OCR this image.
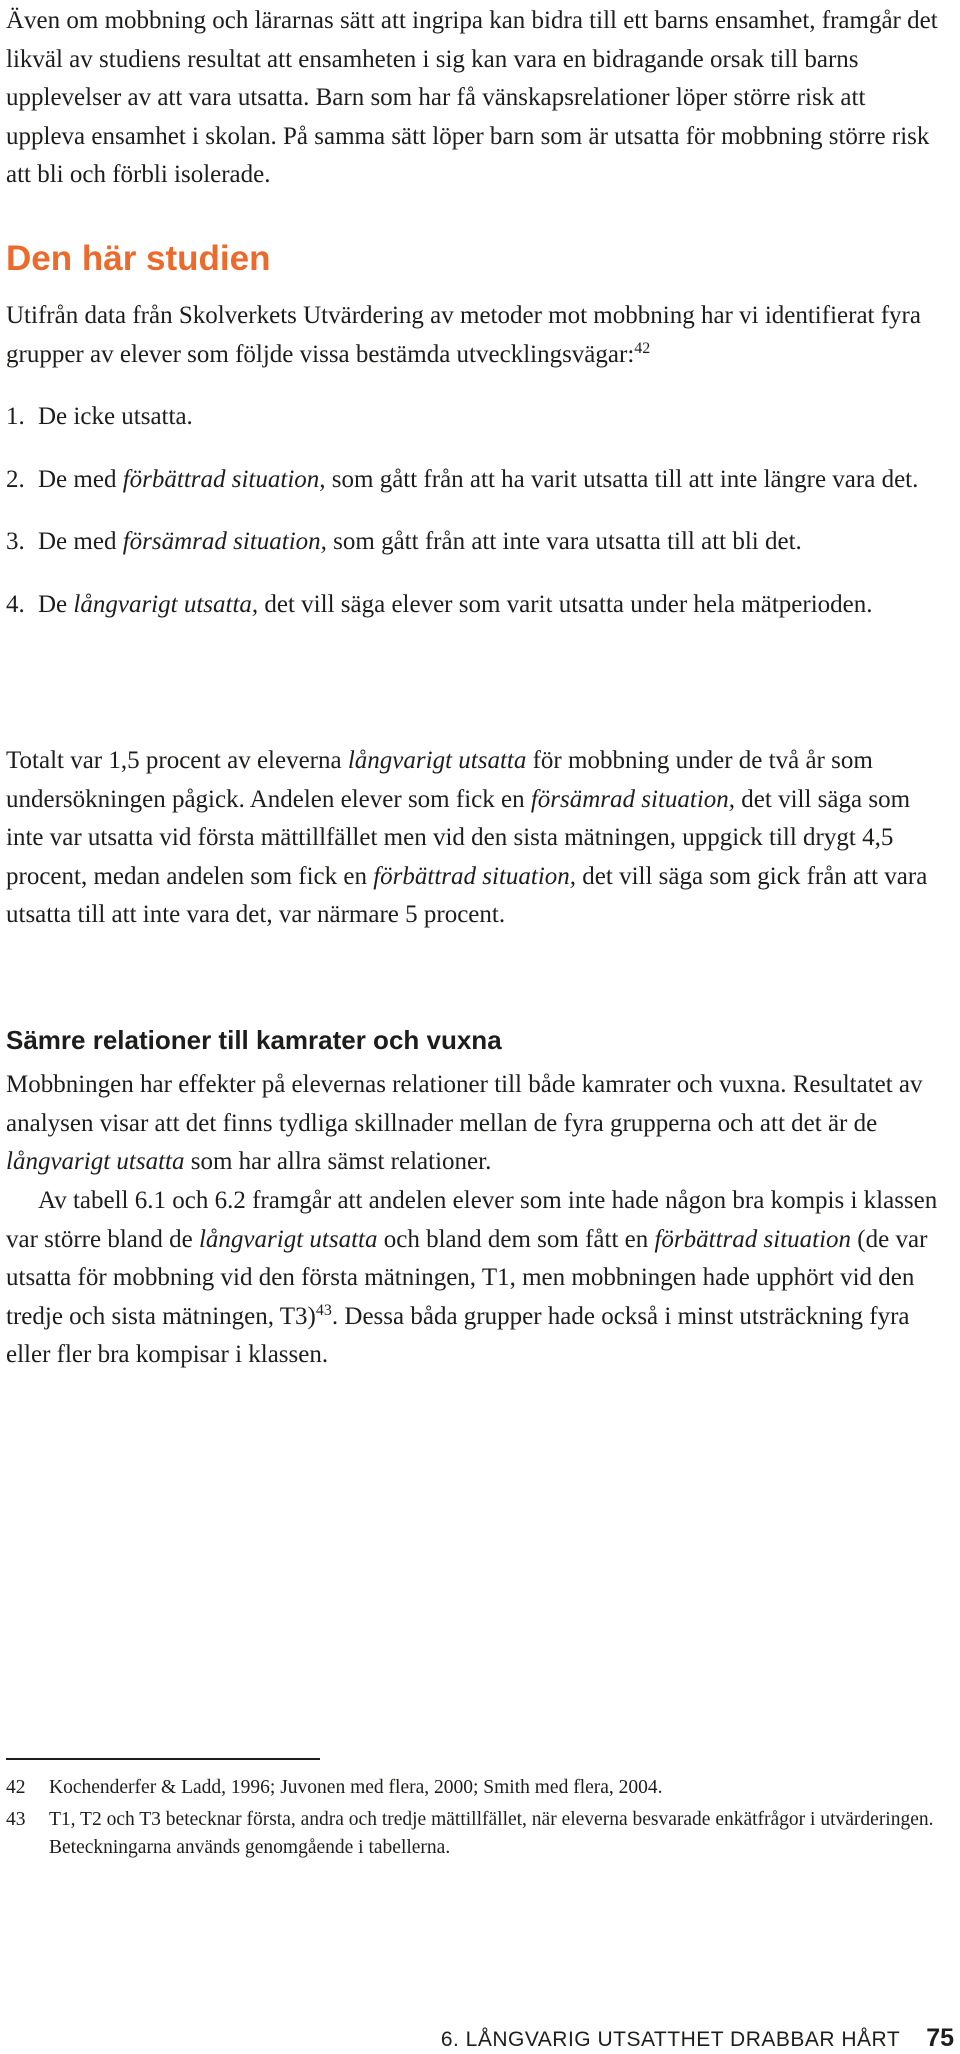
Även om mobbning och lärarnas sätt att ingripa kan bidra till ett barns ensamhet, framgår det likväl av studiens resultat att ensamheten i sig kan vara en bidragande orsak till barns upplevelser av att vara utsatta. Barn som har få vänskapsrelationer löper större risk att uppleva ensamhet i skolan. På samma sätt löper barn som är utsatta för mobbning större risk att bli och förbli isolerade.

Den här studien

Utifrån data från Skolverkets Utvärdering av metoder mot mobbning har vi identifierat fyra grupper av elever som följde vissa bestämda utvecklingsvägar:$^{42}$

1. De icke utsatta.
2. De med förbättrad situation, som gått från att ha varit utsatta till att inte längre vara det.
3. De med försämrad situation, som gått från att inte vara utsatta till att bli det.
4. De långvarigt utsatta, det vill säga elever som varit utsatta under hela mätperioden.

Totalt var 1,5 procent av eleverna långvarigt utsatta för mobbning under de två år som undersökningen pågick. Andelen elever som fick en försämrad situation, det vill säga som inte var utsatta vid första mättillfället men vid den sista mätningen, uppgick till drygt 4,5 procent, medan andelen som fick en förbättrad situation, det vill säga som gick från att vara utsatta till att inte vara det, var närmare 5 procent.

Sämre relationer till kamrater och vuxna

Mobbningen har effekter på elevernas relationer till både kamrater och vuxna. Resultatet av analysen visar att det finns tydliga skillnader mellan de fyra grupperna och att det är de långvarigt utsatta som har allra sämst relationer.

Av tabell 6.1 och 6.2 framgår att andelen elever som inte hade någon bra kompis i klassen var större bland de långvarigt utsatta och bland dem som fått en förbättrad situation (de var utsatta för mobbning vid den första mätningen, T1, men mobbningen hade upphört vid den tredje och sista mätningen, T3)$^{43}$. Dessa båda grupper hade också i minst utsträckning fyra eller fler bra kompisar i klassen.

42	Kochenderfer & Ladd, 1996; Juvonen med flera, 2000; Smith med flera, 2004.

43	T1, T2 och T3 betecknar första, andra och tredje mättillfället, när eleverna besvarade enkätfrågor i utvärderingen. Beteckningarna används genomgående i tabellerna.

6. LÅNGVARIG UTSATTHET DRABBAR HÅRT 75
